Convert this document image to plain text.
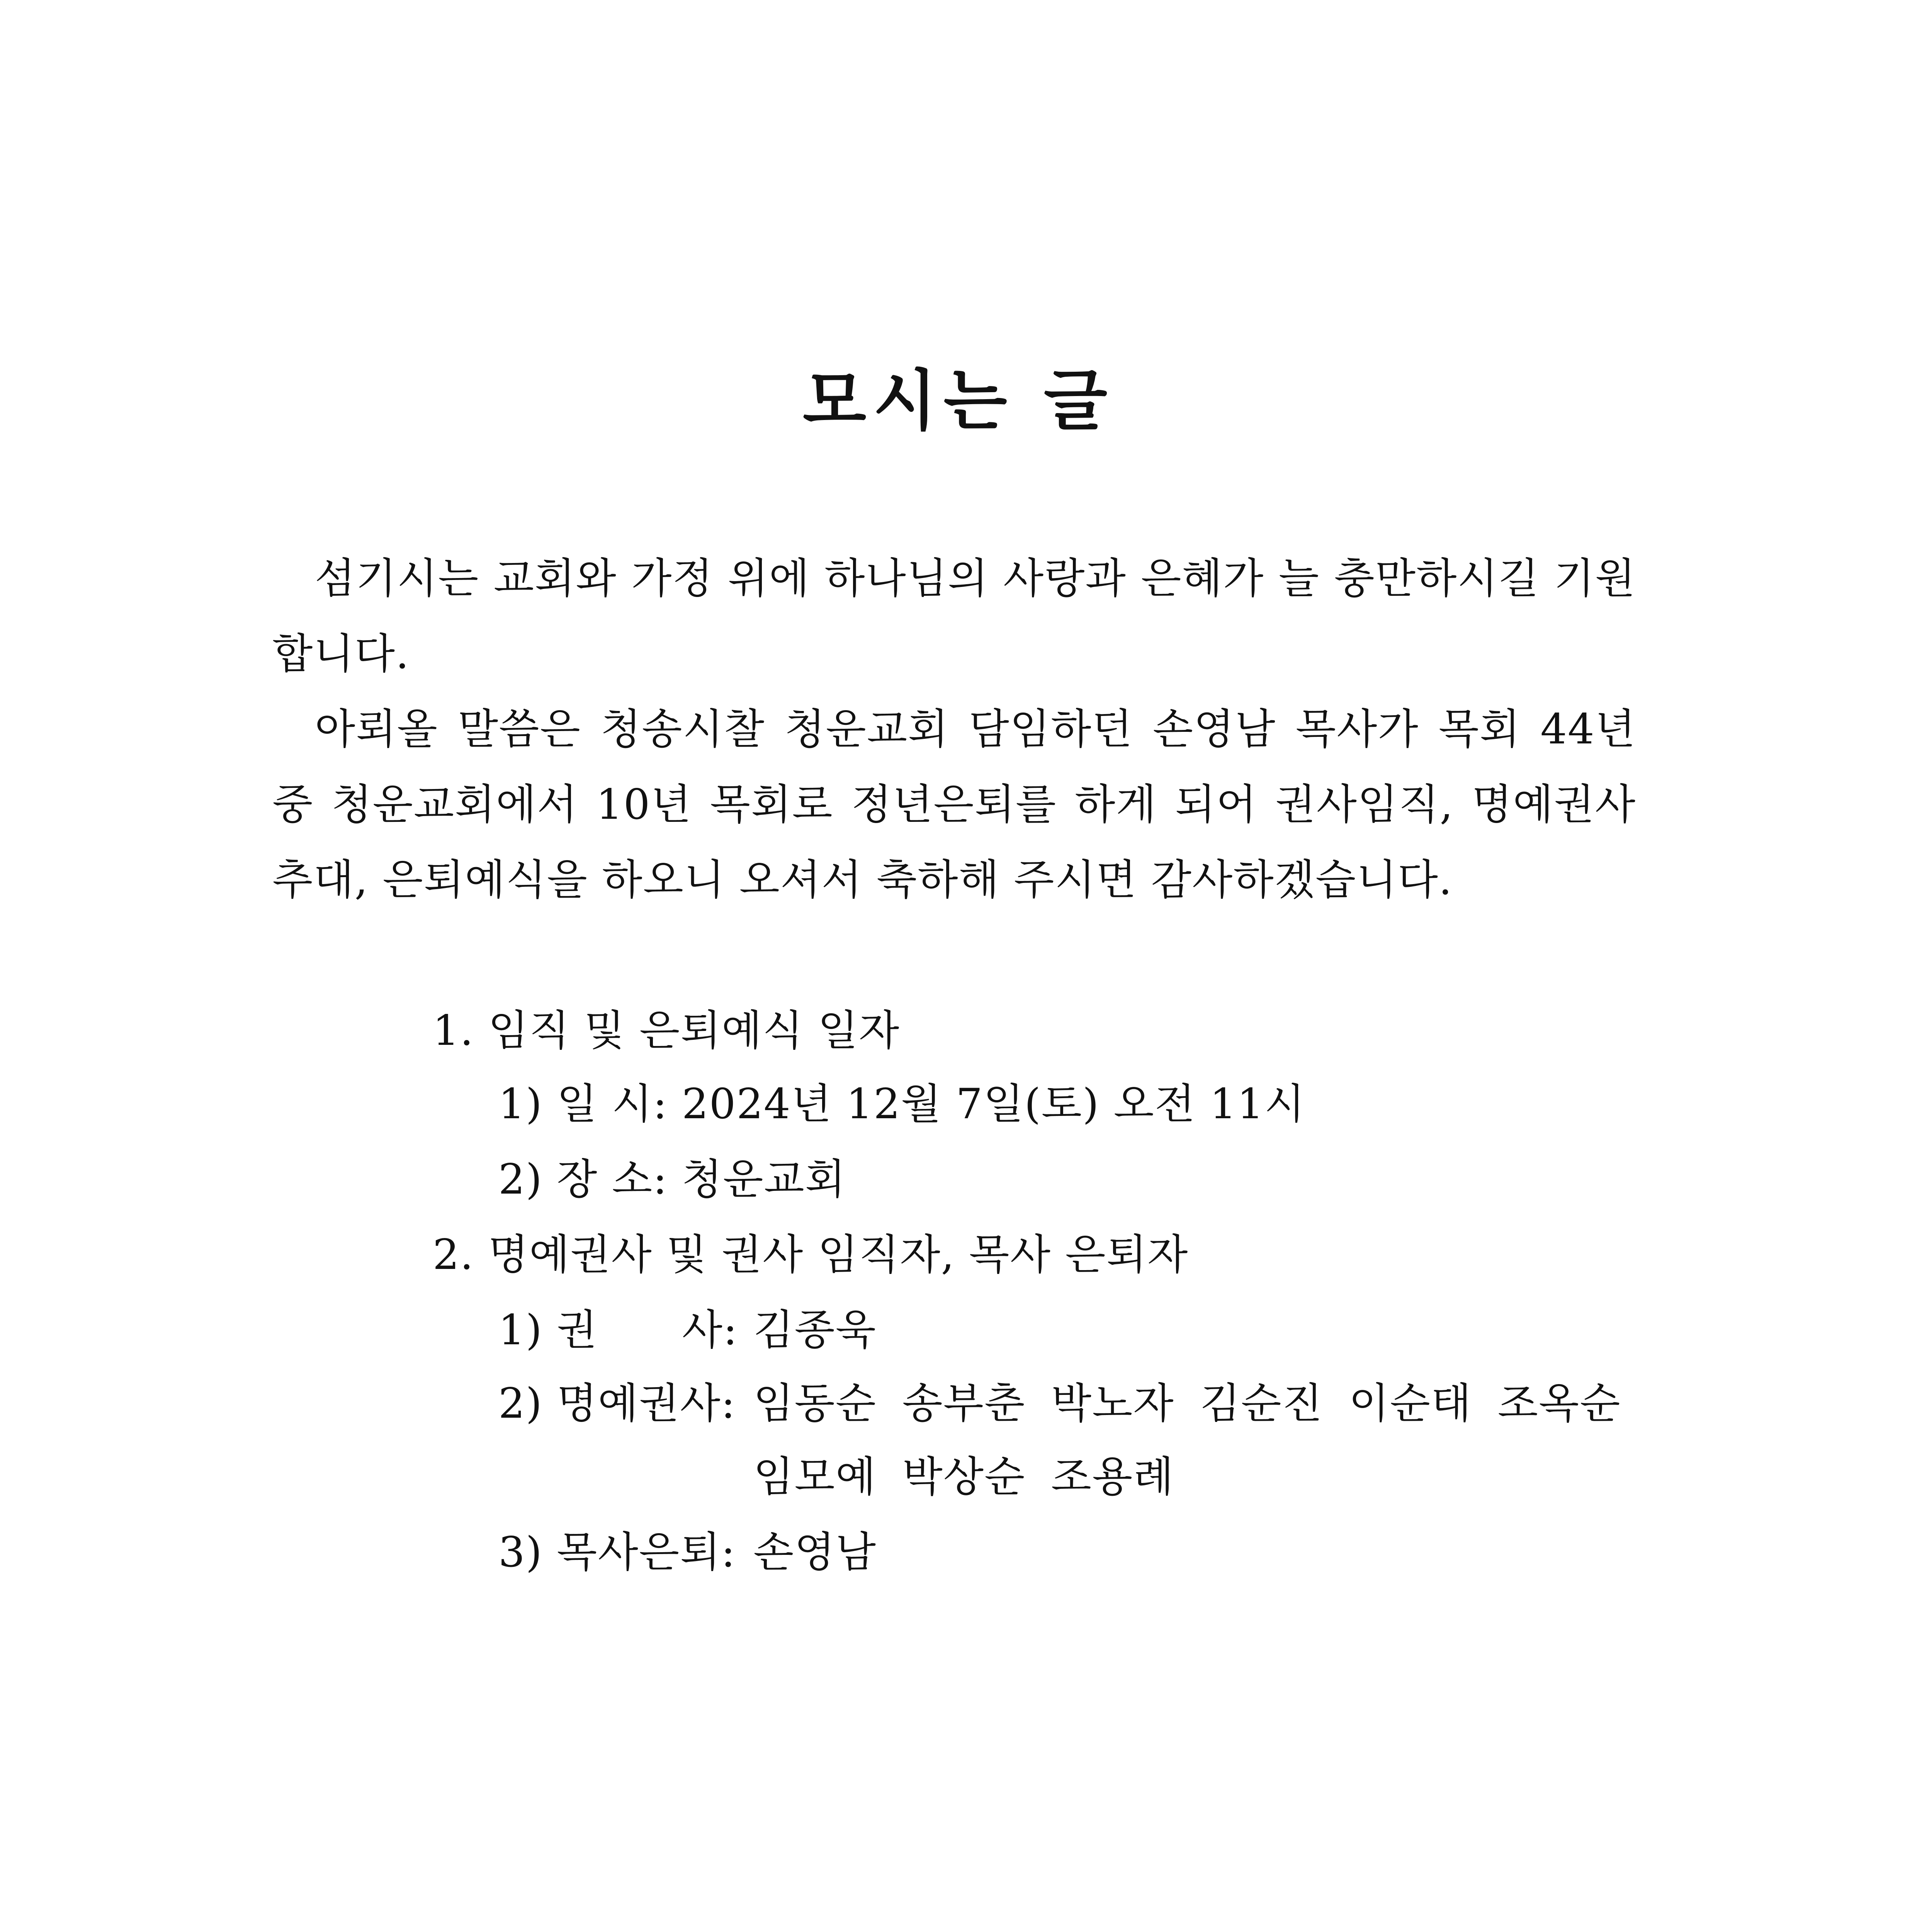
모시는 글

섬기시는 교회와 가정 위에 하나님의 사랑과 은혜가 늘 충만하시길 기원합니다.

아뢰올 말씀은 청송시찰 청운교회 담임하던 손영남 목사가 목회 44년 중 청운교회에서 10년 목회로 정년은퇴를 하게 되어 권사임직, 명예권사 추대, 은퇴예식을 하오니 오셔서 축하해 주시면 감사하겠습니다.

1. 임직 및 은퇴예식 일자
1) 일 시: 2024년 12월 7일(토) 오전 11시
2) 장 소: 청운교회
2. 명예권사 및 권사 임직자, 목사 은퇴자
1) 권      사: 김종욱
2) 명예권사: 임동순 송부춘 박노자 김순진 이순태 조옥순
임모예 박상순 조용례
3) 목사은퇴: 손영남
